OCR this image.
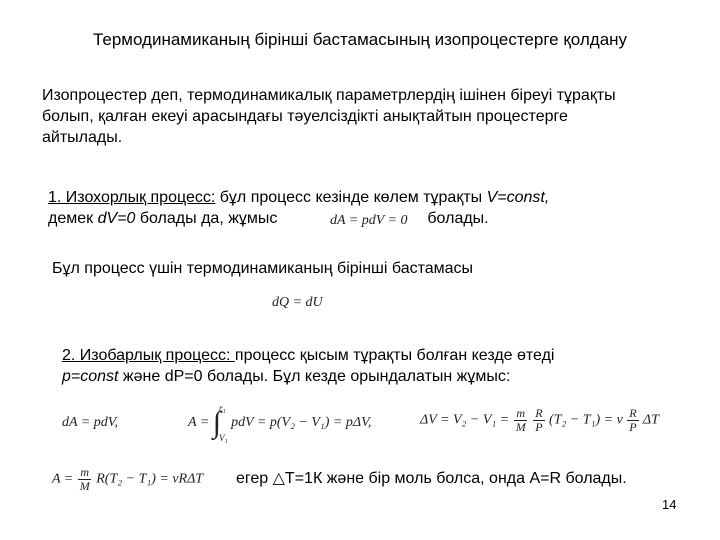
Термодинамиканың бірінші бастамасының изопроцестерге қолдану
Изопроцестер деп, термодинамикалық параметрлердің ішінен біреуі тұрақты болып, қалған екеуі арасындағы тәуелсіздікті анықтайтын процестерге айтылады.
1. Изохорлық процесс: бұл процесс кезінде көлем тұрақты V=const,
демек dV=0 болады да, жұмыс	болады.
dA = pdV = 0
Бұл процесс үшін термодинамиканың бірінші бастамасы
dQ = dU
2. Изобарлық процесс: процесс қысым тұрақты болған кезде өтеді
p=const және dP=0 болады. Бұл кезде орындалатын жұмыс:
dA = pdV,	A = ∫
r₁
V₁
pdV = p(V₂ − V₁) = pΔV,	$\Delta V = V_2 - V_1 = \frac{m}{M}$
$\frac{R}{P} (T_2 - T_1) = \nu \frac{R}{P}$ ΔT
$A = \frac{m}{M} R(T_2 - T_1) = \nu R\Delta T$ егер △T=1К және бір моль болса, онда А=R болады.
14
